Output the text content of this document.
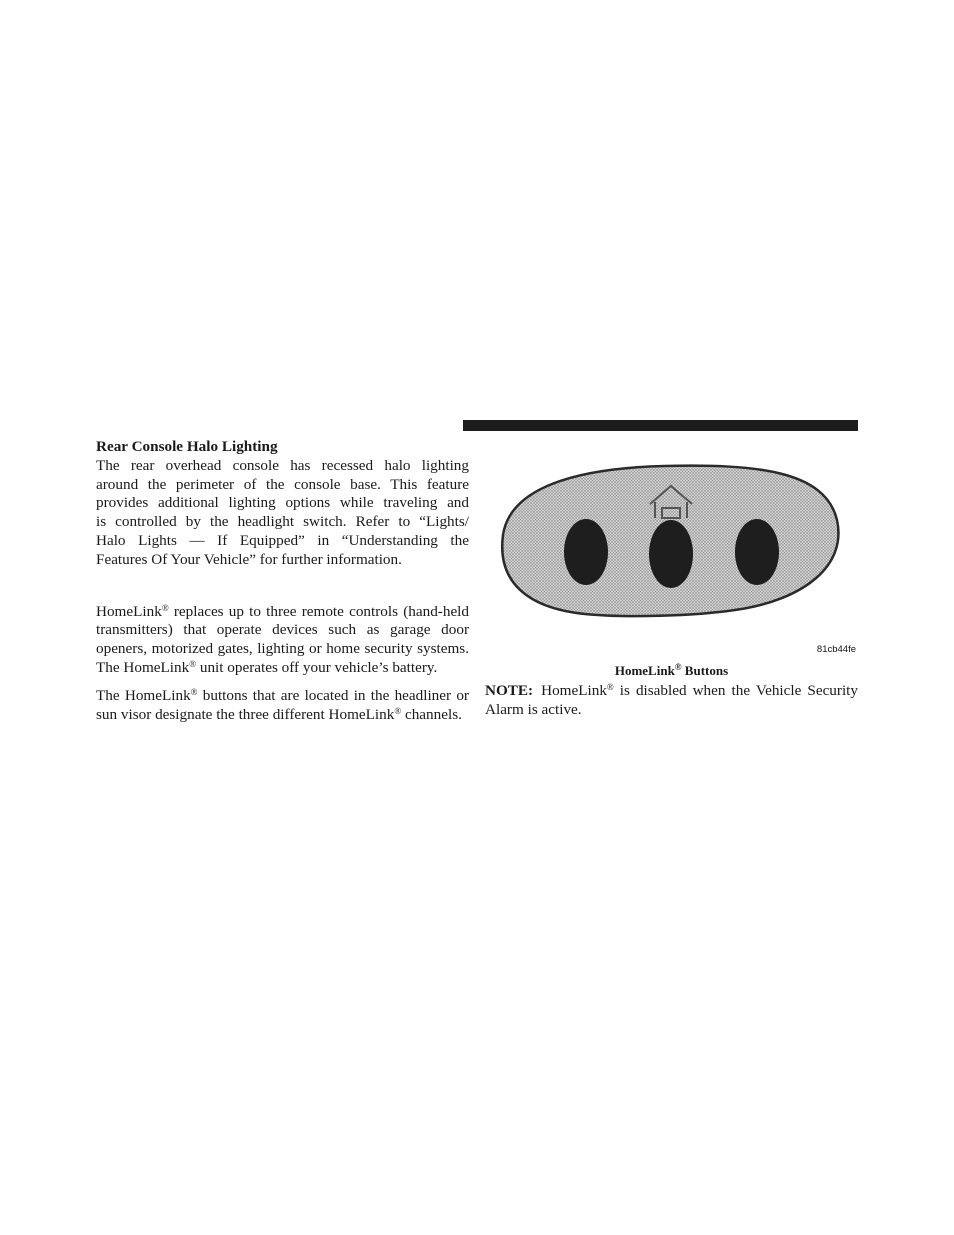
Rear Console Halo Lighting

The rear overhead console has recessed halo lighting

around the perimeter of the console base. This feature

provides additional lighting options while traveling and

is controlled by the headlight switch. Refer to “Lights/

Halo Lights — If Equipped” in “Understanding the

Features Of Your Vehicle” for further information.

HomeLink® replaces up to three remote controls (hand-held transmitters) that operate devices such as garage door openers, motorized gates, lighting or home security systems. The HomeLink® unit operates off your vehicle’s battery.

The HomeLink® buttons that are located in the headliner or sun visor designate the three different HomeLink® channels.

81cb44fe
HomeLink® Buttons

NOTE: HomeLink® is disabled when the Vehicle Security Alarm is active.
